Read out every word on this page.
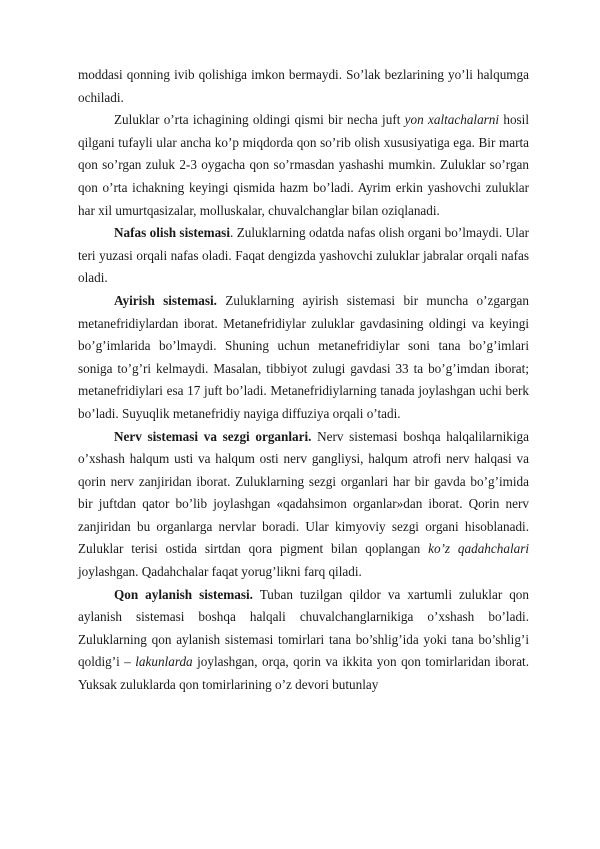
moddasi qonning ivib qolishiga imkon bermaydi. So’lak bezlarining yo’li halqumga ochiladi.

Zuluklar o’rta ichagining oldingi qismi bir necha juft yon xaltachalarni hosil qilgani tufayli ular ancha ko’p miqdorda qon so’rib olish xususiyatiga ega. Bir marta qon so’rgan zuluk 2-3 oygacha qon so’rmasdan yashashi mumkin. Zuluklar so’rgan qon o’rta ichakning keyingi qismida hazm bo’ladi. Ayrim erkin yashovchi zuluklar har xil umurtqasizalar, molluskalar, chuvalchanglar bilan oziqlanadi.

Nafas olish sistemasi. Zuluklarning odatda nafas olish organi bo’lmaydi. Ular teri yuzasi orqali nafas oladi. Faqat dengizda yashovchi zuluklar jabralar orqali nafas oladi.

Ayirish sistemasi. Zuluklarning ayirish sistemasi bir muncha o’zgargan metanefridiylardan iborat. Metanefridiylar zuluklar gavdasining oldingi va keyingi bo’g’imlarida bo’lmaydi. Shuning uchun metanefridiylar soni tana bo’g’imlari soniga to’g’ri kelmaydi. Masalan, tibbiyot zulugi gavdasi 33 ta bo’g’imdan iborat; metanefridiylari esa 17 juft bo’ladi. Metanefridiylarning tanada joylashgan uchi berk bo’ladi. Suyuqlik metanefridiy nayiga diffuziya orqali o’tadi.

Nerv sistemasi va sezgi organlari. Nerv sistemasi boshqa halqalilarnikiga o’xshash halqum usti va halqum osti nerv gangliysi, halqum atrofi nerv halqasi va qorin nerv zanjiridan iborat. Zuluklarning sezgi organlari har bir gavda bo’g’imida bir juftdan qator bo’lib joylashgan «qadahsimon organlar»dan iborat. Qorin nerv zanjiridan bu organlarga nervlar boradi. Ular kimyoviy sezgi organi hisoblanadi. Zuluklar terisi ostida sirtdan qora pigment bilan qoplangan ko’z qadahchalari joylashgan. Qadahchalar faqat yorug’likni farq qiladi.

Qon aylanish sistemasi. Tuban tuzilgan qildor va xartumli zuluklar qon aylanish sistemasi boshqa halqali chuvalchanglarnikiga o’xshash bo’ladi. Zuluklarning qon aylanish sistemasi tomirlari tana bo’shlig’ida yoki tana bo’shlig’i qoldig’i – lakunlarda joylashgan, orqa, qorin va ikkita yon qon tomirlaridan iborat. Yuksak zuluklarda qon tomirlarining o’z devori butunlay
